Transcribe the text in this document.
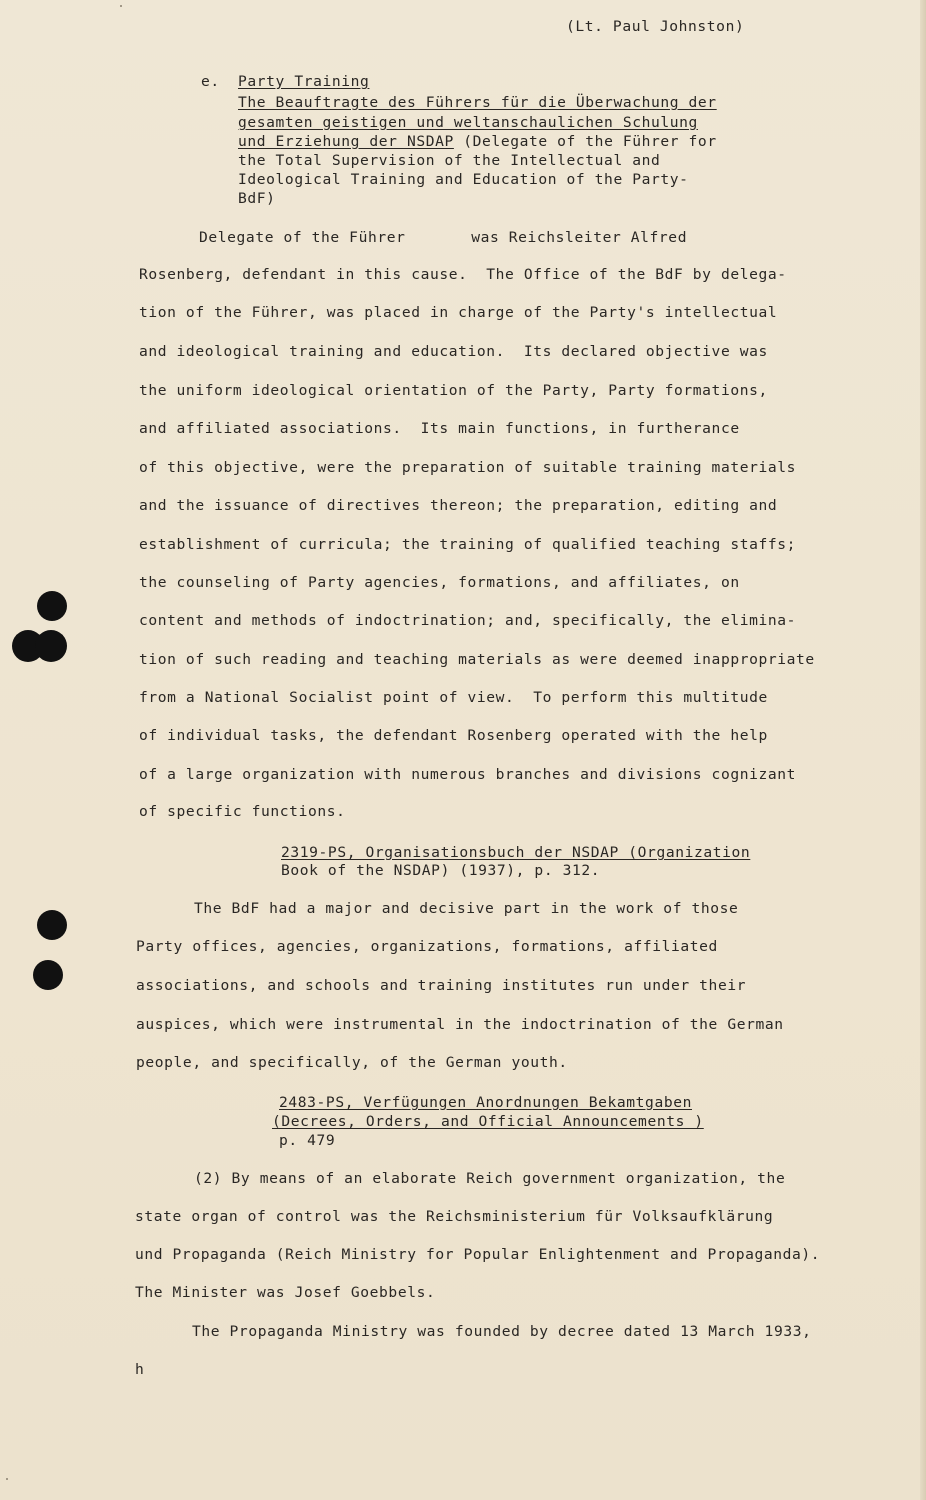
(Lt. Paul Johnston)
e. Party Training
The Beauftragte des Führers für die Überwachung der
gesamten geistigen und weltanschaulichen Schulung
und Erziehung der NSDAP (Delegate of the Führer for
the Total Supervision of the Intellectual and
Ideological Training and Education of the Party-
BdF)
Delegate of the Führer       was Reichsleiter Alfred
Rosenberg, defendant in this cause.  The Office of the BdF by delega-
tion of the Führer, was placed in charge of the Party's intellectual
and ideological training and education.  Its declared objective was
the uniform ideological orientation of the Party, Party formations,
and affiliated associations.  Its main functions, in furtherance
of this objective, were the preparation of suitable training materials
and the issuance of directives thereon; the preparation, editing and
establishment of curricula; the training of qualified teaching staffs;
the counseling of Party agencies, formations, and affiliates, on
content and methods of indoctrination; and, specifically, the elimina-
tion of such reading and teaching materials as were deemed inappropriate
from a National Socialist point of view.  To perform this multitude
of individual tasks, the defendant Rosenberg operated with the help
of a large organization with numerous branches and divisions cognizant
of specific functions.
2319-PS, Organisationsbuch der NSDAP (Organization
Book of the NSDAP) (1937), p. 312.
The BdF had a major and decisive part in the work of those
Party offices, agencies, organizations, formations, affiliated
associations, and schools and training institutes run under their
auspices, which were instrumental in the indoctrination of the German
people, and specifically, of the German youth.
2483-PS, Verfügungen Anordnungen Bekamtgaben
(Decrees, Orders, and Official Announcements )
p. 479
(2) By means of an elaborate Reich government organization, the
state organ of control was the Reichsministerium für Volksaufklärung
und Propaganda (Reich Ministry for Popular Enlightenment and Propaganda).
The Minister was Josef Goebbels.
The Propaganda Ministry was founded by decree dated 13 March 1933,
h
